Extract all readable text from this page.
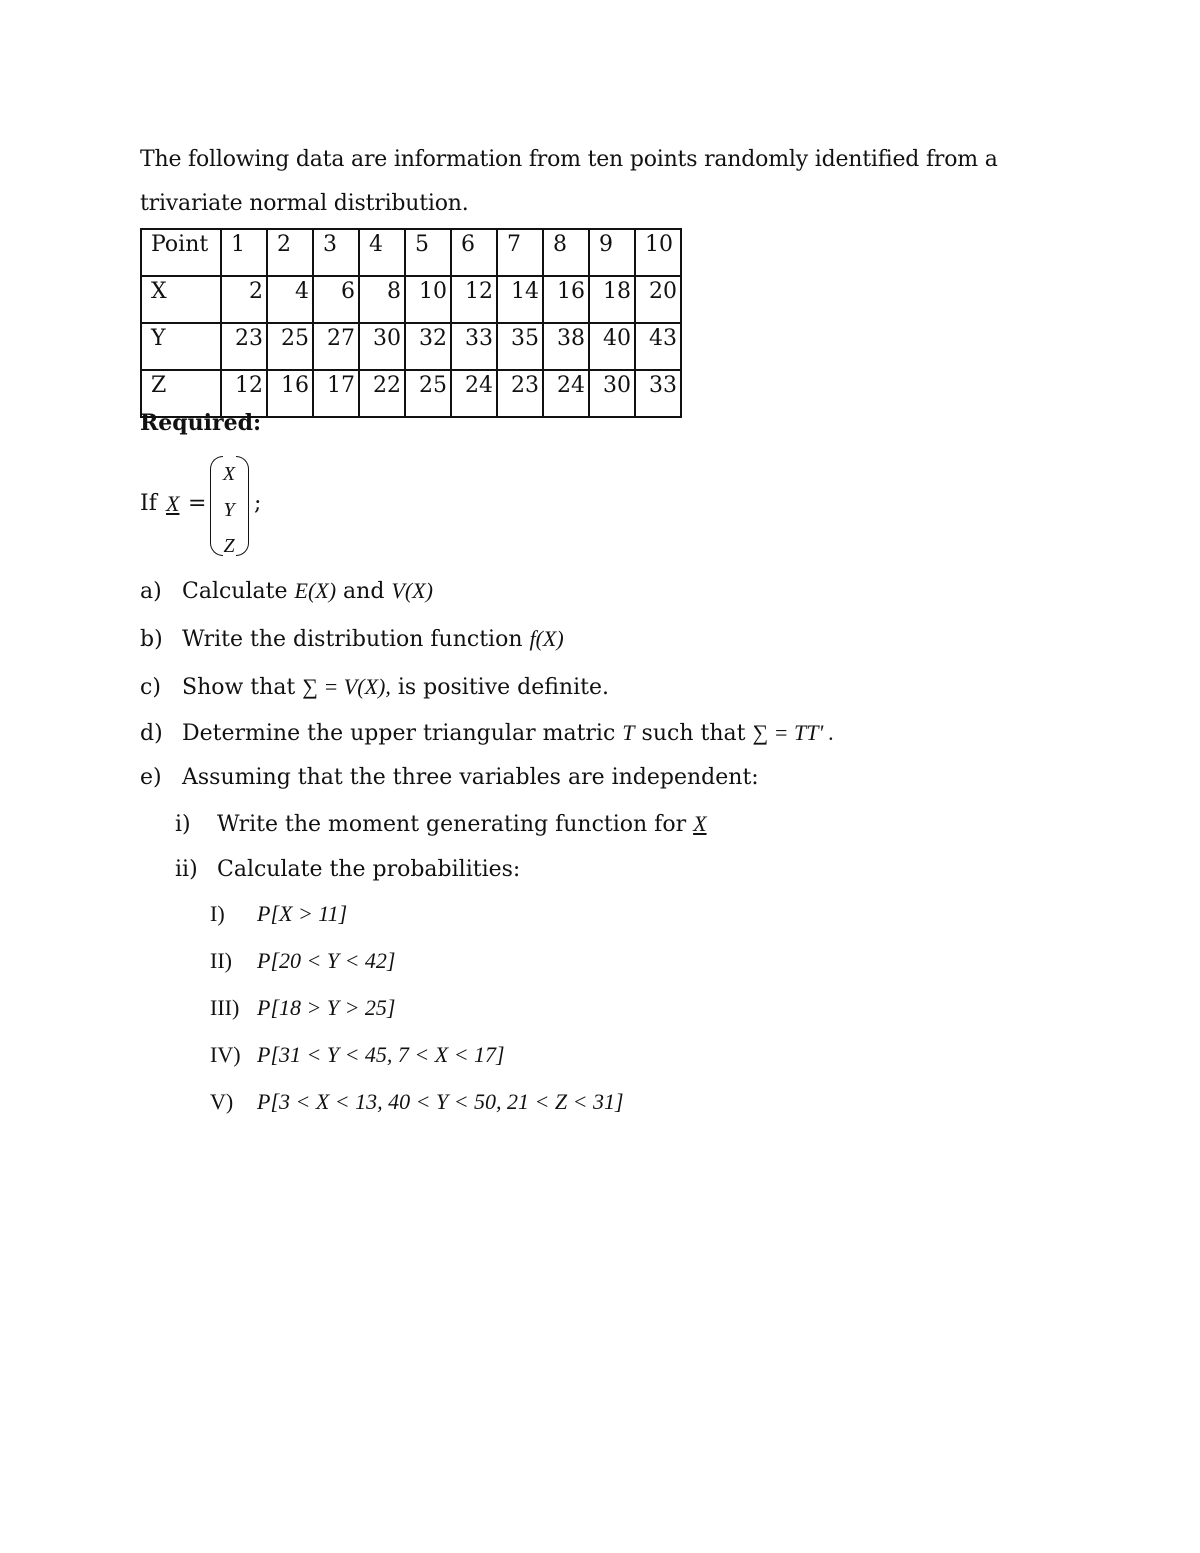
The following data are information from ten points randomly identified from a

trivariate normal distribution.

Point	1	2	3	4	5	6	7	8	9	10
X	2	4	6	8	10	12	14	16	18	20
Y	23	25	27	30	32	33	35	38	40	43
Z	12	16	17	22	25	24	23	24	30	33
Required:
If X =
X
Y
Z
;
a) Calculate E(X) and V(X)
b) Write the distribution function f(X)
c) Show that ∑ = V(X), is positive definite.
d) Determine the upper triangular matric T such that ∑ = TT' .
e) Assuming that the three variables are independent:
i) Write the moment generating function for X
ii) Calculate the probabilities:
I) P[X > 11]
II) P[20 < Y < 42]
III) P[18 > Y > 25]
IV) P[31 < Y < 45, 7 < X < 17]
V) P[3 < X < 13, 40 < Y < 50, 21 < Z < 31]
